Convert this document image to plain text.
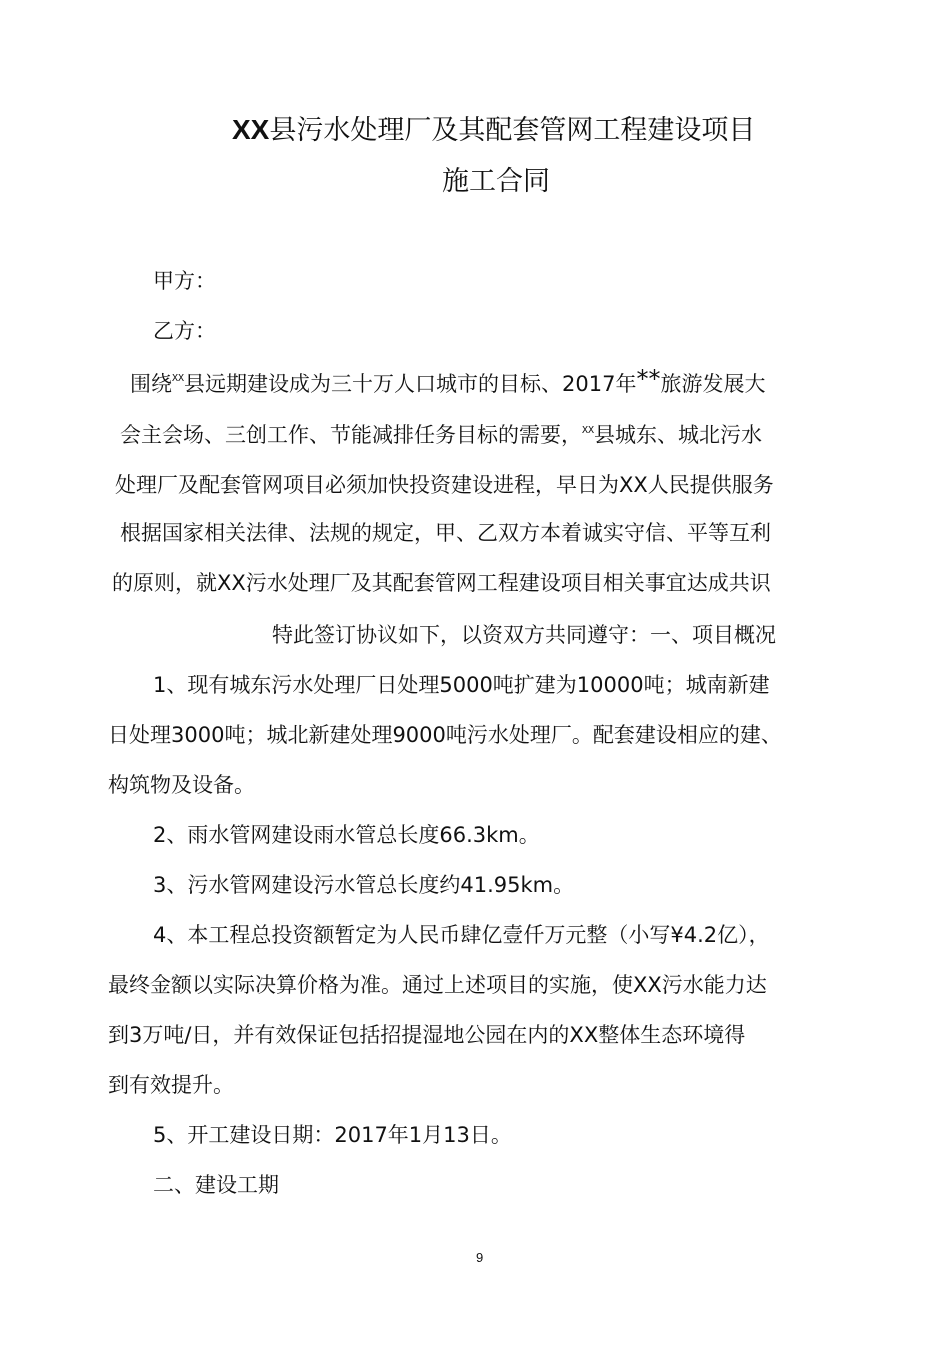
XX县污水处理厂及其配套管网工程建设项目
施工合同
甲方：
乙方：
围绕$^{XX}$县远期建设成为三十万人口城市的目标、2017年**旅游发展大
会主会场、三创工作、节能减排任务目标的需要，$^{XX}$县城东、城北污水
处理厂及配套管网项目必须加快投资建设进程，早日为XX人民提供服务
根据国家相关法律、法规的规定，甲、乙双方本着诚实守信、平等互利
的原则，就XX污水处理厂及其配套管网工程建设项目相关事宜达成共识
特此签订协议如下，以资双方共同遵守：一、项目概况
1、现有城东污水处理厂日处理5000吨扩建为10000吨；城南新建
日处理3000吨；城北新建处理9000吨污水处理厂。配套建设相应的建、
构筑物及设备。
2、雨水管网建设雨水管总长度66.3km。
3、污水管网建设污水管总长度约41.95km。
4、本工程总投资额暂定为人民币肆亿壹仟万元整（小写¥4.2亿），
最终金额以实际决算价格为准。通过上述项目的实施，使XX污水能力达
到3万吨/日，并有效保证包括招提湿地公园在内的XX整体生态环境得
到有效提升。
5、开工建设日期：2017年1月13日。
二、建设工期
9
